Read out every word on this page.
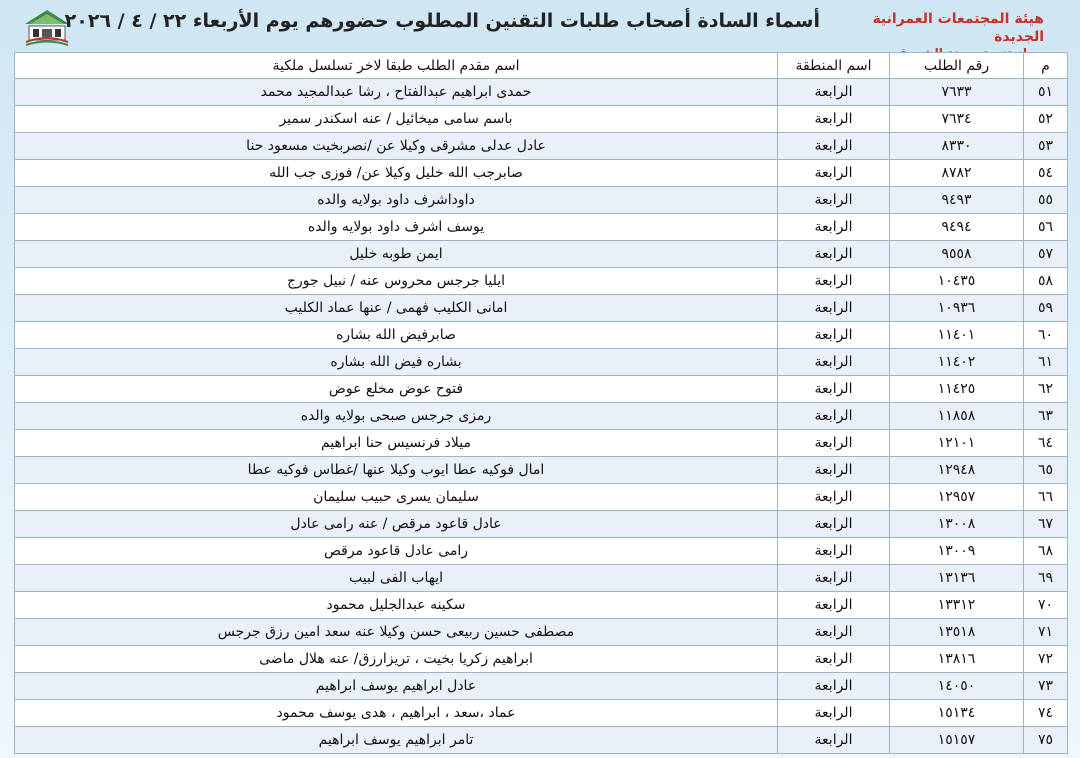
أسماء السادة أصحاب طلبات التقنين المطلوب حضورهم يوم الأربعاء ٢٢ / ٤ / ٢٠٢٦	هيئة المجتمعات العمرانية الجديدة
م	رقم الطلب	اسم المنطقة	اسم مقدم الطلب طبقا لاخر تسلسل ملكية
٥١	٧٦٣٣	الرابعة	حمدى ابراهيم عبدالفتاح ، رشا عبدالمجيد محمد
٥٢	٧٦٣٤	الرابعة	باسم سامى ميخائيل / عنه اسكندر سمير
٥٣	٨٣٣٠	الرابعة	عادل عدلى مشرقى وكيلا عن /نصربخيت مسعود حنا
٥٤	٨٧٨٢	الرابعة	صابرجب الله خليل وكيلا عن/ فوزى جب الله
٥٥	٩٤٩٣	الرابعة	داوداشرف داود بولايه والده
٥٦	٩٤٩٤	الرابعة	يوسف اشرف داود بولايه والده
٥٧	٩٥٥٨	الرابعة	ايمن طوبه خليل
٥٨	١٠٤٣٥	الرابعة	ايليا جرجس محروس عنه / نبيل جورج
٥٩	١٠٩٣٦	الرابعة	امانى الكليب فهمى / عنها عماد الكليب
٦٠	١١٤٠١	الرابعة	صابرفيض الله بشاره
٦١	١١٤٠٢	الرابعة	بشاره فيض الله بشاره
٦٢	١١٤٢٥	الرابعة	فتوح عوض مخلع عوض
٦٣	١١٨٥٨	الرابعة	رمزى جرجس صبحى بولايه والده
٦٤	١٢١٠١	الرابعة	ميلاد فرنسيس حنا ابراهيم
٦٥	١٢٩٤٨	الرابعة	امال فوكيه عطا ايوب وكيلا عنها /غطاس فوكيه عطا
٦٦	١٢٩٥٧	الرابعة	سليمان يسرى حبيب سليمان
٦٧	١٣٠٠٨	الرابعة	عادل قاعود مرقص / عنه رامى عادل
٦٨	١٣٠٠٩	الرابعة	رامى عادل قاعود مرقص
٦٩	١٣١٣٦	الرابعة	ايهاب الفى لبيب
٧٠	١٣٣١٢	الرابعة	سكينه عبدالجليل محمود
٧١	١٣٥١٨	الرابعة	مصطفى حسين ربيعى حسن وكيلا عنه سعد امين رزق جرجس
٧٢	١٣٨١٦	الرابعة	ابراهيم زكريا بخيت ، تريزارزق/ عنه هلال ماضى
٧٣	١٤٠٥٠	الرابعة	عادل ابراهيم يوسف ابراهيم
٧٤	١٥١٣٤	الرابعة	عماد ،سعد ، ابراهيم ، هدى يوسف محمود
٧٥	١٥١٥٧	الرابعة	تامر ابراهيم يوسف ابراهيم
